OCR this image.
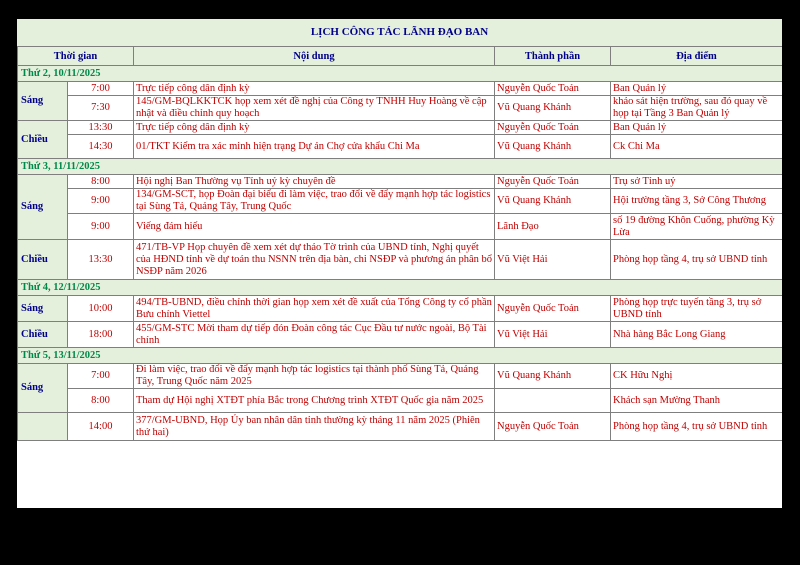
LỊCH CÔNG TÁC LÃNH ĐẠO BAN
Thời gian		Nội dung	Thành phần	Địa điểm
Thứ 2, 10/11/2025				
Sáng	7:00	Trực tiếp công dân định kỳ	Nguyễn Quốc Toản	Ban Quản lý
	7:30	145/GM-BQLKKTCK họp xem xét đề nghị của Công ty TNHH Huy Hoàng về cập nhật và điều chỉnh quy hoạch	Vũ Quang Khánh	khảo sát hiện trường, sau đó quay về họp tại Tầng 3 Ban Quản lý
Chiều	13:30	Trực tiếp công dân định kỳ	Nguyễn Quốc Toản	Ban Quản lý
	14:30	01/TKT Kiểm tra xác minh hiện trạng Dự án Chợ cửa khẩu Chi Ma	Vũ Quang Khánh	Ck Chi Ma
Thứ 3, 11/11/2025				
Sáng	8:00	Hội nghị Ban Thường vụ Tỉnh uỷ kỳ chuyên đề	Nguyễn Quốc Toản	Trụ sở Tỉnh uỷ
	9:00	134/GM-SCT, họp Đoàn đại biểu đi làm việc, trao đổi về đẩy mạnh hợp tác logistics tại Sùng Tả, Quảng Tây, Trung Quốc	Vũ Quang Khánh	Hội trường tầng 3, Sở Công Thương
	9:00	Viếng đám hiếu	Lãnh Đạo	số 19 đường Khôn Cuống, phường Kỳ Lừa
Chiều	13:30	471/TB-VP Họp chuyên đề xem xét dự thảo Tờ trình của UBND tỉnh, Nghị quyết của HĐND tỉnh về dự toán thu NSNN trên địa bàn, chi NSĐP và phương án phân bổ NSĐP năm 2026	Vũ Việt Hải	Phòng họp tầng 4, trụ sở UBND tỉnh
Thứ 4, 12/11/2025				
Sáng	10:00	494/TB-UBND, điều chỉnh thời gian họp xem xét đề xuất của Tổng Công ty cổ phần Bưu chính Viettel	Nguyễn Quốc Toản	Phòng họp trực tuyến tầng 3, trụ sở UBND tỉnh
Chiều	18:00	455/GM-STC Mời tham dự tiếp đón Đoàn công tác Cục Đầu tư nước ngoài, Bộ Tài chính	Vũ Việt Hải	Nhà hàng Bắc Long Giang
Thứ 5, 13/11/2025				
Sáng	7:00	Đi làm việc, trao đổi về đẩy mạnh hợp tác logistics tại thành phố Sùng Tả, Quảng Tây, Trung Quốc năm 2025	Vũ Quang Khánh	CK Hữu Nghị
	8:00	Tham dự Hội nghị XTĐT phía Bắc trong Chương trình XTĐT Quốc gia năm 2025		Khách sạn Mường Thanh
	14:00	377/GM-UBND, Họp Ủy ban nhân dân tỉnh thường kỳ tháng 11 năm 2025 (Phiên thứ hai)	Nguyễn Quốc Toản	Phòng họp tầng 4, trụ sở UBND tỉnh
